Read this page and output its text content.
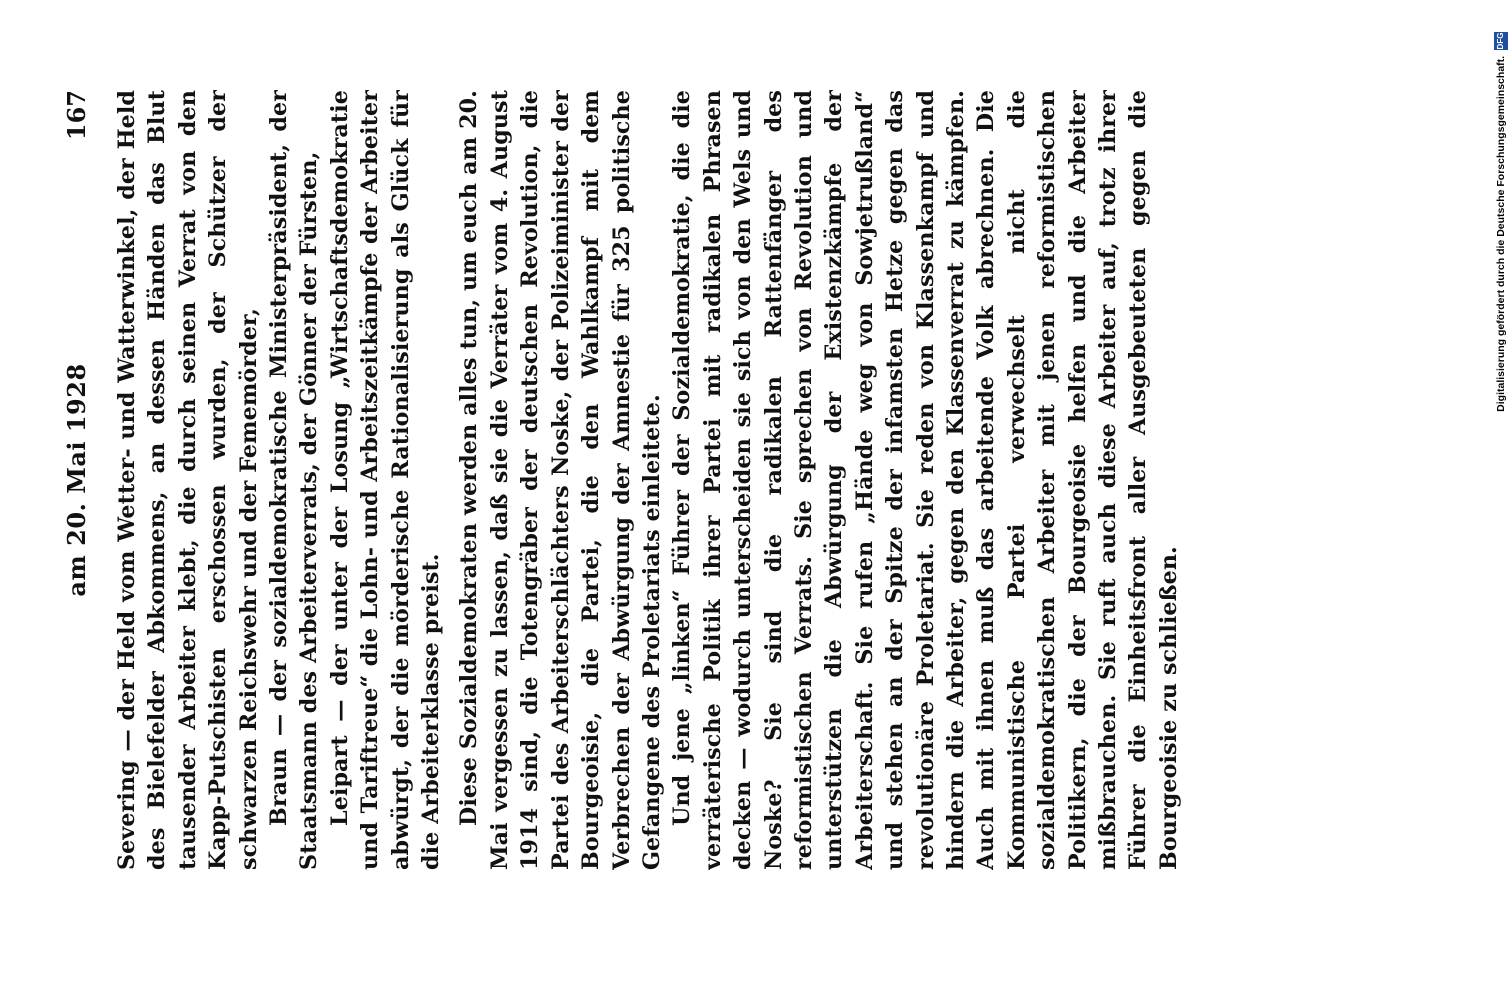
am 20. Mai 1928
167 Severing — der Held vom Wetter- und Watterwinkel, der Held des Bielefelder Abkommens, an dessen Händen das Blut tausender Arbeiter klebt, die durch seinen Verrat von den Kapp-Putschisten erschossen wurden, der Schützer der schwarzen Reichswehr und der Fememörder, Braun — der sozialdemokratische Ministerpräsident, der Staatsmann des Arbeiterverrats, der Gönner der Fürsten, Leipart — der unter der Losung „Wirtschaftsdemokratie und Tariftreue“ die Lohn- und Arbeitszeitkämpfe der Arbeiter abwürgt, der die mörderische Rationalisierung als Glück für die Arbeiterklasse preist. Diese Sozialdemokraten werden alles tun, um euch am 20. Mai vergessen zu lassen, daß sie die Verräter vom 4. August 1914 sind, die Totengräber der deutschen Revolution, die Partei des Arbeiterschlächters Noske, der Polizeiminister der Bourgeoisie, die Partei, die den Wahlkampf mit dem Verbrechen der Abwürgung der Amnestie für 325 politische Gefangene des Proletariats einleitete. Und jene „linken“ Führer der Sozialdemokratie, die die verräterische Politik ihrer Partei mit radikalen Phrasen decken — wodurch unterscheiden sie sich von den Wels und Noske? Sie sind die radikalen Rattenfänger des reformistischen Verrats. Sie sprechen von Revolution und unterstützen die Abwürgung der Existenzkämpfe der Arbeiterschaft. Sie rufen „Hände weg von Sowjetrußland“ und stehen an der Spitze der infamsten Hetze gegen das revolutionäre Proletariat. Sie reden von Klassenkampf und hindern die Arbeiter, gegen den Klassenverrat zu kämpfen. Auch mit ihnen muß das arbeitende Volk abrechnen. Die Kommunistische Partei verwechselt nicht die sozialdemokratischen Arbeiter mit jenen reformistischen Politikern, die der Bourgeoisie helfen und die Arbeiter mißbrauchen. Sie ruft auch diese Arbeiter auf, trotz ihrer Führer die Einheitsfront aller Ausgebeuteten gegen die Bourgeoisie zu schließen.

Digitalisierung gefördert durch die Deutsche Forschungsgemeinschaft. DFG
